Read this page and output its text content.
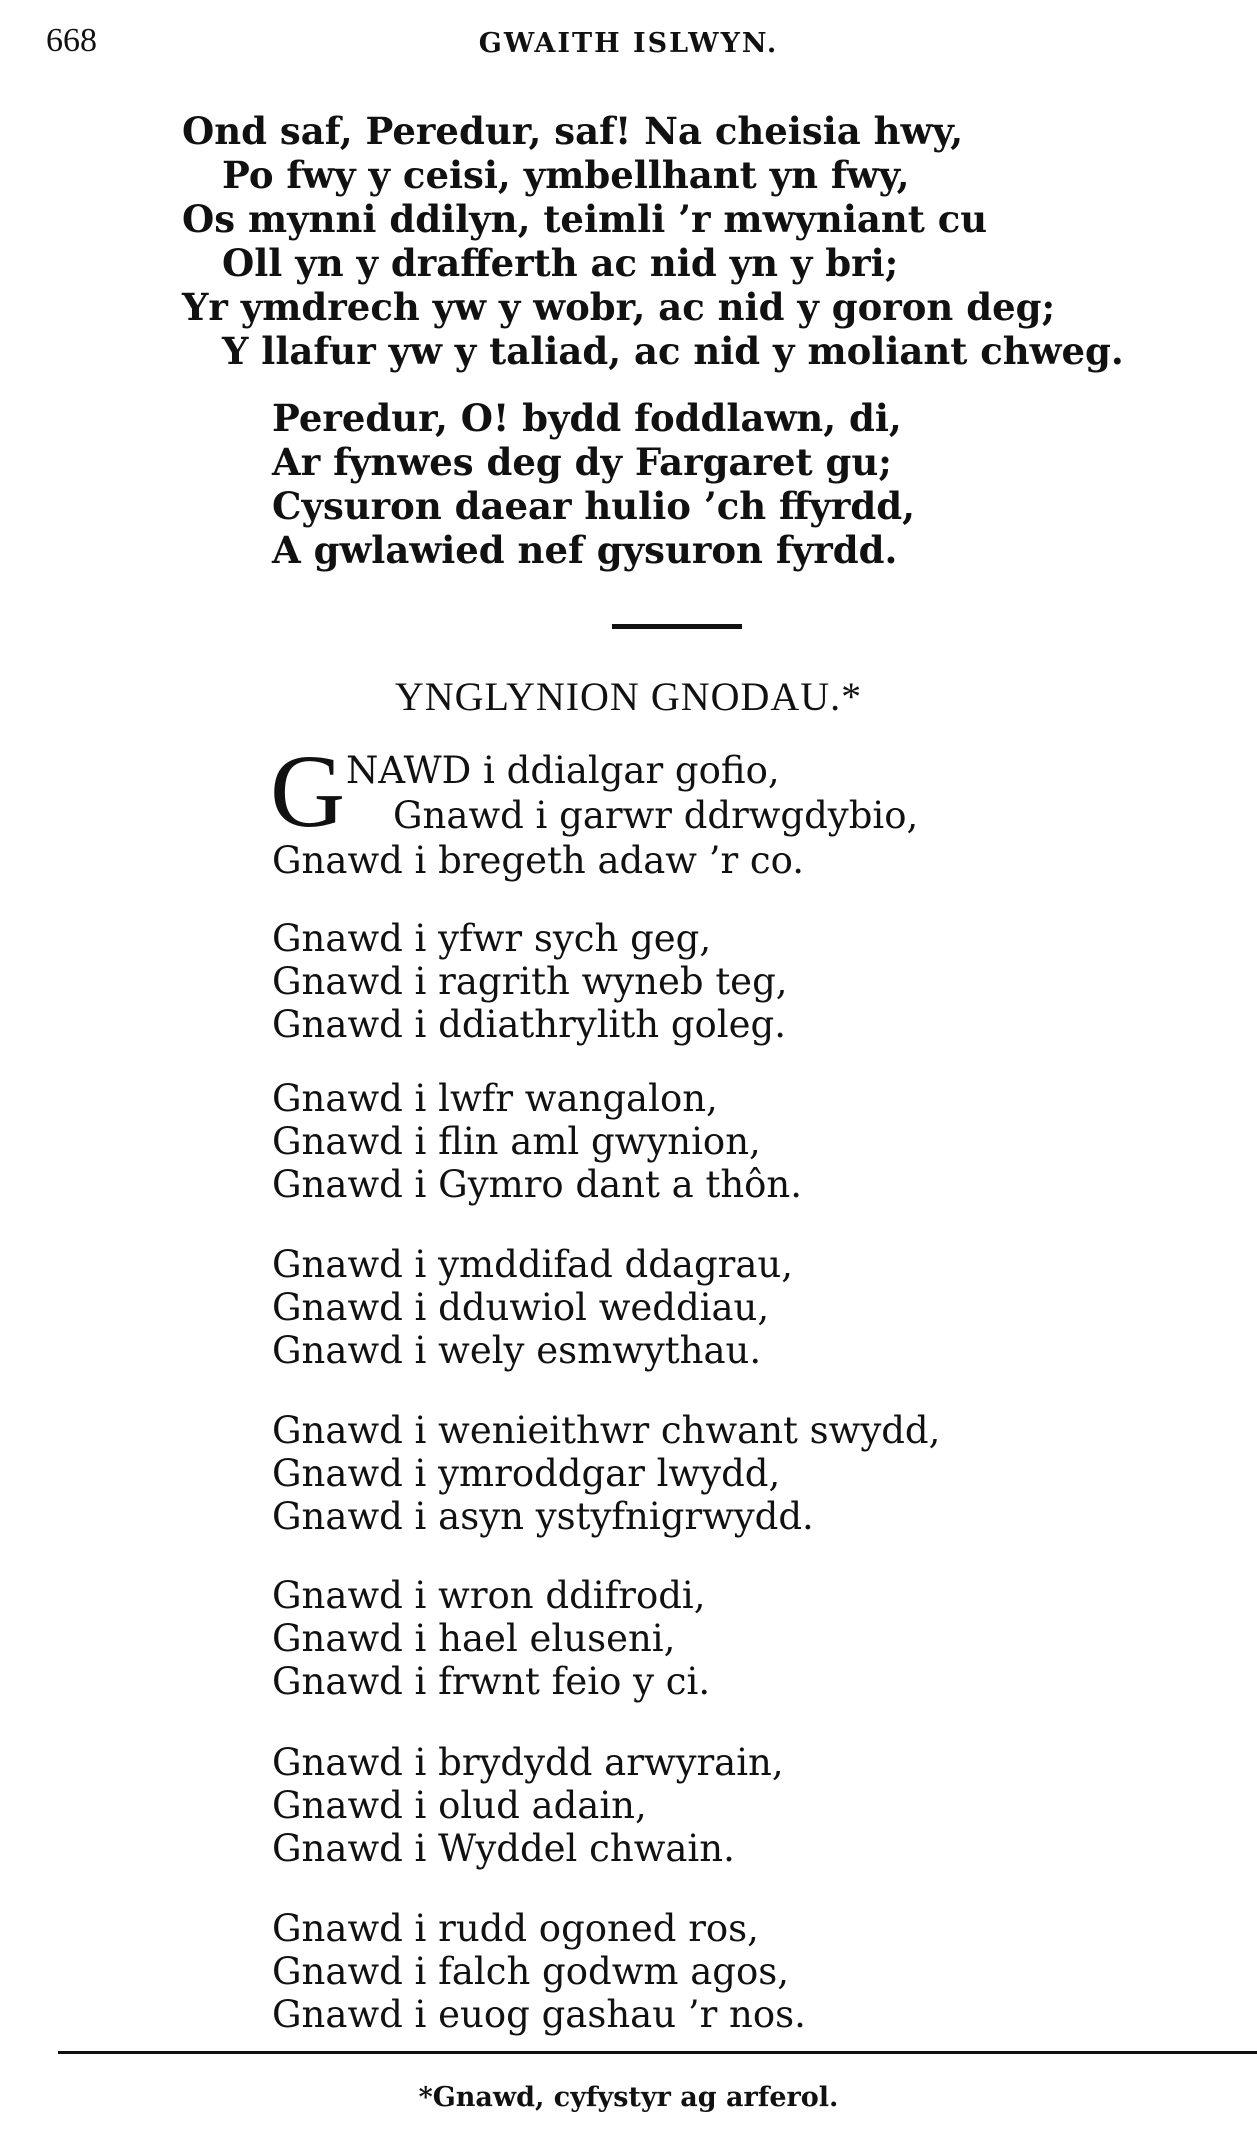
668	GWAITH ISLWYN.
Ond saf, Peredur, saf! Na cheisia hwy,
Po fwy y ceisi, ymbellhant yn fwy,
Os mynni ddilyn, teimli ’r mwyniant cu
Oll yn y drafferth ac nid yn y bri;
Yr ymdrech yw y wobr, ac nid y goron deg;
Y llafur yw y taliad, ac nid y moliant chweg.
Peredur, O! bydd foddlawn, di,
Ar fynwes deg dy Fargaret gu;
Cysuron daear hulio ’ch ffyrdd,
A gwlawied nef gysuron fyrdd.
YNGLYNION GNODAU.*
G NAWD i ddialgar gofio,
Gnawd i garwr ddrwgdybio,
Gnawd i bregeth adaw ’r co.
Gnawd i yfwr sych geg,
Gnawd i ragrith wyneb teg,
Gnawd i ddiathrylith goleg.
Gnawd i lwfr wangalon,
Gnawd i flin aml gwynion,
Gnawd i Gymro dant a thôn.
Gnawd i ymddifad ddagrau,
Gnawd i dduwiol weddiau,
Gnawd i wely esmwythau.
Gnawd i wenieithwr chwant swydd,
Gnawd i ymroddgar lwydd,
Gnawd i asyn ystyfnigrwydd.
Gnawd i wron ddifrodi,
Gnawd i hael eluseni,
Gnawd i frwnt feio y ci.
Gnawd i brydydd arwyrain,
Gnawd i olud adain,
Gnawd i Wyddel chwain.
Gnawd i rudd ogoned ros,
Gnawd i falch godwm agos,
Gnawd i euog gashau ’r nos.
*Gnawd, cyfystyr ag arferol.
